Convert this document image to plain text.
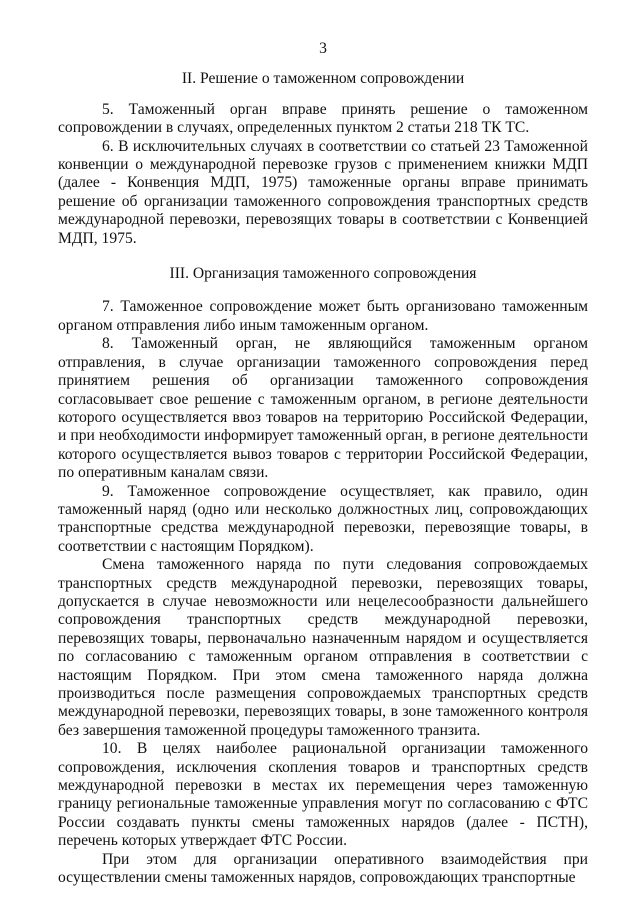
3
II. Решение о таможенном сопровождении

5. Таможенный орган вправе принять решение о таможенном сопровождении в случаях, определенных пунктом 2 статьи 218 ТК ТС.

6. В исключительных случаях в соответствии со статьей 23 Таможенной конвенции о международной перевозке грузов с применением книжки МДП (далее - Конвенция МДП, 1975) таможенные органы вправе принимать решение об организации таможенного сопровождения транспортных средств международной перевозки, перевозящих товары в соответствии с Конвенцией МДП, 1975.

III. Организация таможенного сопровождения

7. Таможенное сопровождение может быть организовано таможенным органом отправления либо иным таможенным органом.

8. Таможенный орган, не являющийся таможенным органом отправления, в случае организации таможенного сопровождения перед принятием решения об организации таможенного сопровождения согласовывает свое решение с таможенным органом, в регионе деятельности которого осуществляется ввоз товаров на территорию Российской Федерации, и при необходимости информирует таможенный орган, в регионе деятельности которого осуществляется вывоз товаров с территории Российской Федерации, по оперативным каналам связи.

9. Таможенное сопровождение осуществляет, как правило, один таможенный наряд (одно или несколько должностных лиц, сопровождающих транспортные средства международной перевозки, перевозящие товары, в соответствии с настоящим Порядком).

Смена таможенного наряда по пути следования сопровождаемых транспортных средств международной перевозки, перевозящих товары, допускается в случае невозможности или нецелесообразности дальнейшего сопровождения транспортных средств международной перевозки, перевозящих товары, первоначально назначенным нарядом и осуществляется по согласованию с таможенным органом отправления в соответствии с настоящим Порядком. При этом смена таможенного наряда должна производиться после размещения сопровождаемых транспортных средств международной перевозки, перевозящих товары, в зоне таможенного контроля без завершения таможенной процедуры таможенного транзита.

10. В целях наиболее рациональной организации таможенного сопровождения, исключения скопления товаров и транспортных средств международной перевозки в местах их перемещения через таможенную границу региональные таможенные управления могут по согласованию с ФТС России создавать пункты смены таможенных нарядов (далее - ПСТН), перечень которых утверждает ФТС России.

При этом для организации оперативного взаимодействия при осуществлении смены таможенных нарядов, сопровождающих транспортные
